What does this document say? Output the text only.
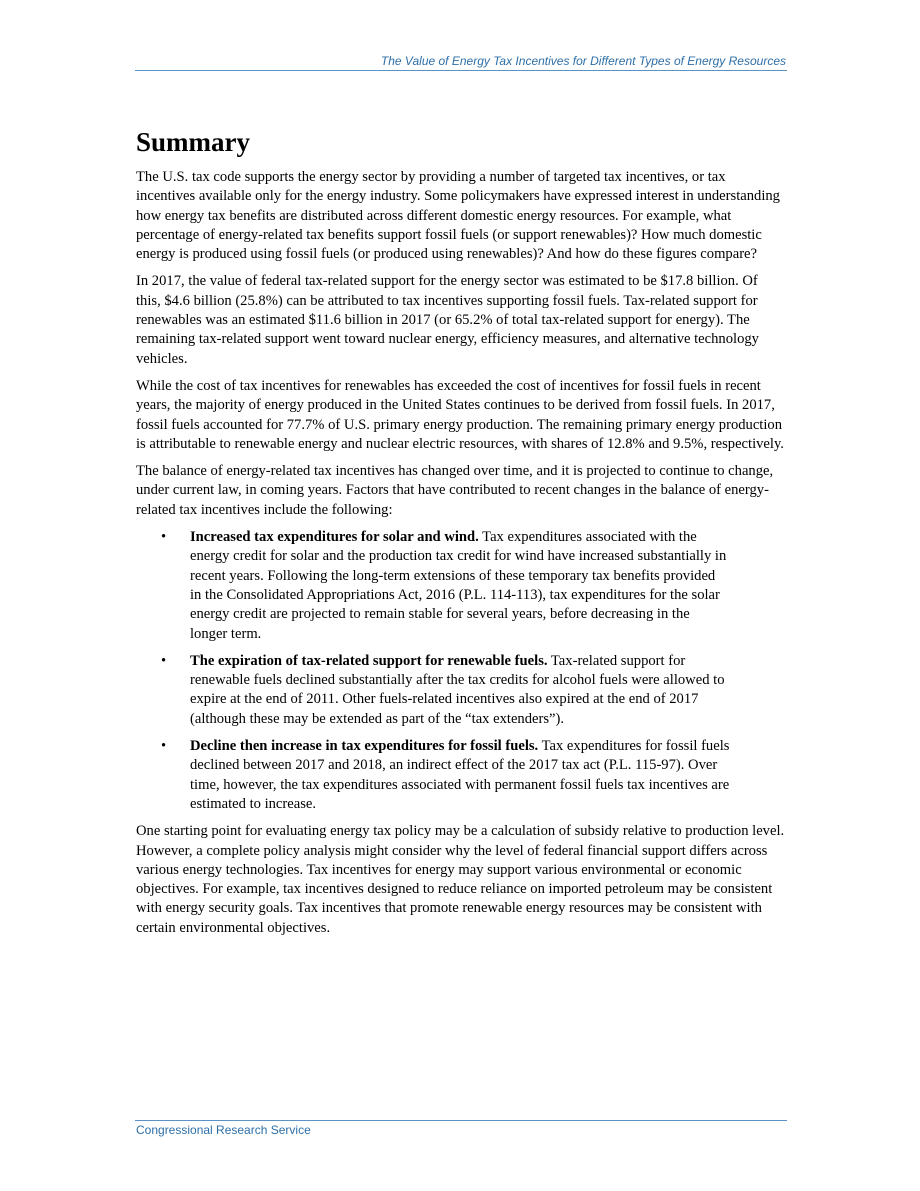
The Value of Energy Tax Incentives for Different Types of Energy Resources
Summary

The U.S. tax code supports the energy sector by providing a number of targeted tax incentives, or tax incentives available only for the energy industry. Some policymakers have expressed interest in understanding how energy tax benefits are distributed across different domestic energy resources. For example, what percentage of energy-related tax benefits support fossil fuels (or support renewables)? How much domestic energy is produced using fossil fuels (or produced using renewables)? And how do these figures compare?

In 2017, the value of federal tax-related support for the energy sector was estimated to be $17.8 billion. Of this, $4.6 billion (25.8%) can be attributed to tax incentives supporting fossil fuels. Tax-related support for renewables was an estimated $11.6 billion in 2017 (or 65.2% of total tax-related support for energy). The remaining tax-related support went toward nuclear energy, efficiency measures, and alternative technology vehicles.

While the cost of tax incentives for renewables has exceeded the cost of incentives for fossil fuels in recent years, the majority of energy produced in the United States continues to be derived from fossil fuels. In 2017, fossil fuels accounted for 77.7% of U.S. primary energy production. The remaining primary energy production is attributable to renewable energy and nuclear electric resources, with shares of 12.8% and 9.5%, respectively.

The balance of energy-related tax incentives has changed over time, and it is projected to continue to change, under current law, in coming years. Factors that have contributed to recent changes in the balance of energy-related tax incentives include the following:

• Increased tax expenditures for solar and wind. Tax expenditures associated with the energy credit for solar and the production tax credit for wind have increased substantially in recent years. Following the long-term extensions of these temporary tax benefits provided in the Consolidated Appropriations Act, 2016 (P.L. 114-113), tax expenditures for the solar energy credit are projected to remain stable for several years, before decreasing in the longer term.
• The expiration of tax-related support for renewable fuels. Tax-related support for renewable fuels declined substantially after the tax credits for alcohol fuels were allowed to expire at the end of 2011. Other fuels-related incentives also expired at the end of 2017 (although these may be extended as part of the “tax extenders”).
• Decline then increase in tax expenditures for fossil fuels. Tax expenditures for fossil fuels declined between 2017 and 2018, an indirect effect of the 2017 tax act (P.L. 115-97). Over time, however, the tax expenditures associated with permanent fossil fuels tax incentives are estimated to increase.

One starting point for evaluating energy tax policy may be a calculation of subsidy relative to production level. However, a complete policy analysis might consider why the level of federal financial support differs across various energy technologies. Tax incentives for energy may support various environmental or economic objectives. For example, tax incentives designed to reduce reliance on imported petroleum may be consistent with energy security goals. Tax incentives that promote renewable energy resources may be consistent with certain environmental objectives.

Congressional Research Service
